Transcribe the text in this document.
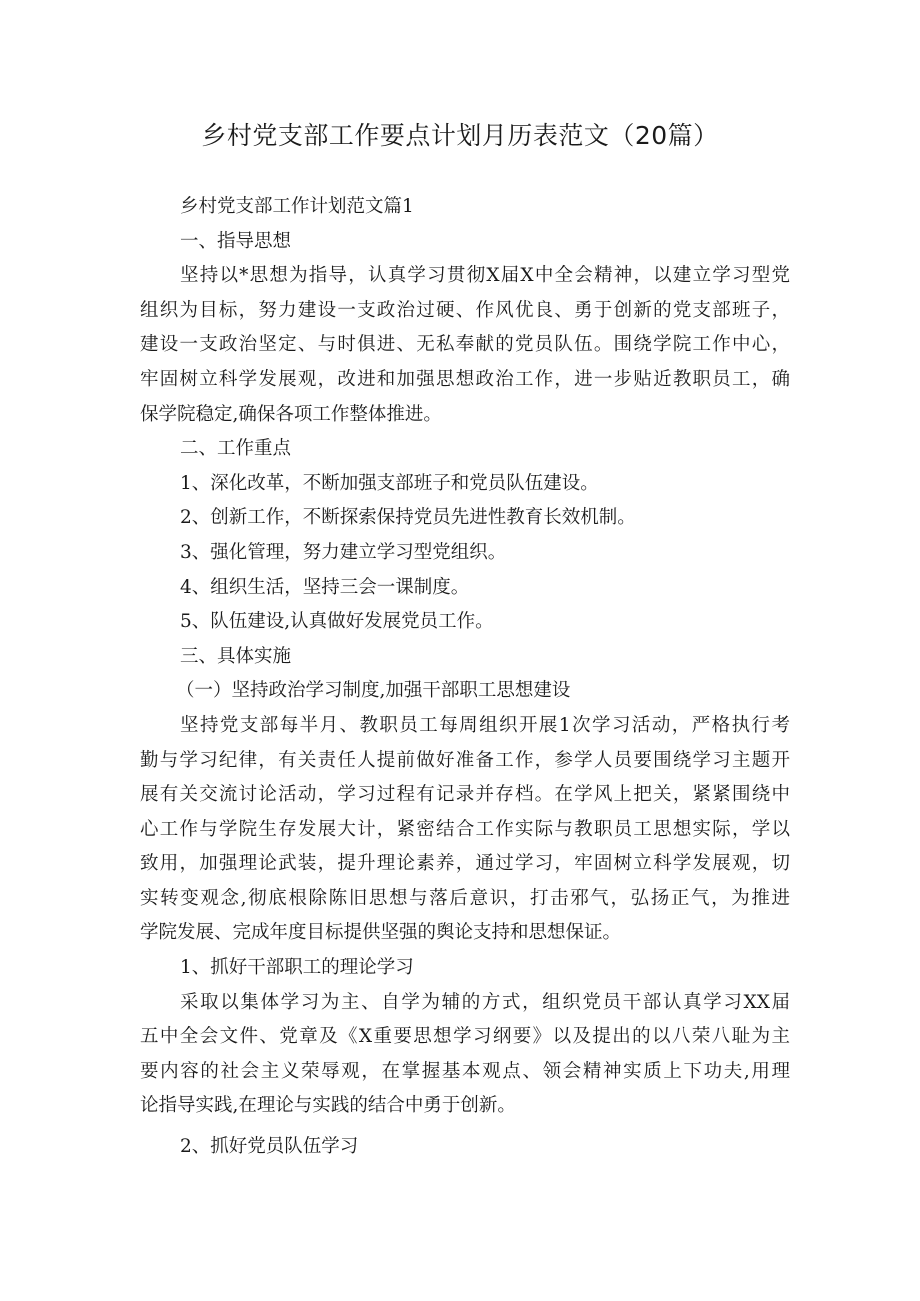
乡村党支部工作要点计划月历表范文（20篇）
乡村党支部工作计划范文篇1
一、指导思想
坚持以*思想为指导，认真学习贯彻X届X中全会精神，以建立学习型党
组织为目标，努力建设一支政治过硬、作风优良、勇于创新的党支部班子，
建设一支政治坚定、与时俱进、无私奉献的党员队伍。围绕学院工作中心，
牢固树立科学发展观，改进和加强思想政治工作，进一步贴近教职员工，确
保学院稳定,确保各项工作整体推进。
二、工作重点
1、深化改革，不断加强支部班子和党员队伍建设。
2、创新工作，不断探索保持党员先进性教育长效机制。
3、强化管理，努力建立学习型党组织。
4、组织生活，坚持三会一课制度。
5、队伍建设,认真做好发展党员工作。
三、具体实施
（一）坚持政治学习制度,加强干部职工思想建设
坚持党支部每半月、教职员工每周组织开展1次学习活动，严格执行考
勤与学习纪律，有关责任人提前做好准备工作，参学人员要围绕学习主题开
展有关交流讨论活动，学习过程有记录并存档。在学风上把关，紧紧围绕中
心工作与学院生存发展大计，紧密结合工作实际与教职员工思想实际，学以
致用，加强理论武装，提升理论素养，通过学习，牢固树立科学发展观，切
实转变观念,彻底根除陈旧思想与落后意识，打击邪气，弘扬正气，为推进
学院发展、完成年度目标提供坚强的舆论支持和思想保证。
1、抓好干部职工的理论学习
采取以集体学习为主、自学为辅的方式，组织党员干部认真学习XX届
五中全会文件、党章及《X重要思想学习纲要》以及提出的以八荣八耻为主
要内容的社会主义荣辱观，在掌握基本观点、领会精神实质上下功夫,用理
论指导实践,在理论与实践的结合中勇于创新。
2、抓好党员队伍学习
